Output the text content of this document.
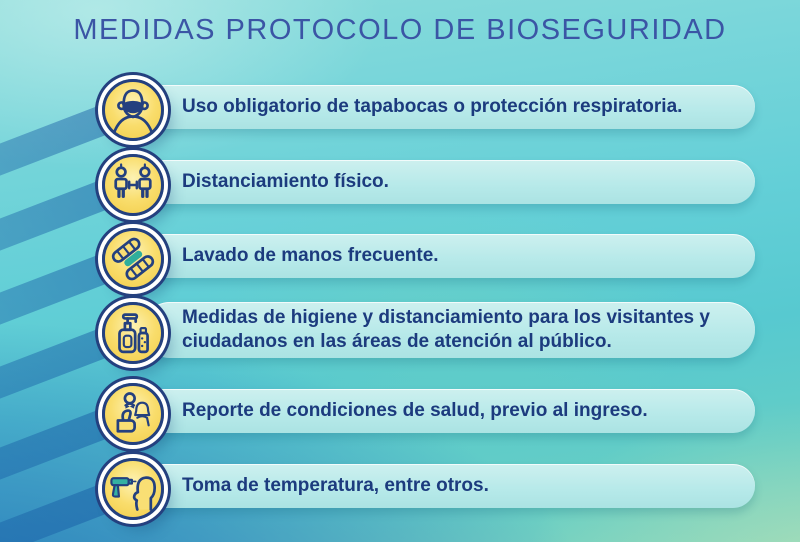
MEDIDAS PROTOCOLO DE BIOSEGURIDAD
Uso obligatorio de tapabocas o protección respiratoria.
Distanciamiento físico.
Lavado de manos frecuente.
Medidas de higiene y distanciamiento para los visitantes y ciudadanos en las áreas de atención al público.
Reporte de condiciones de salud, previo al ingreso.
Toma de temperatura, entre otros.
